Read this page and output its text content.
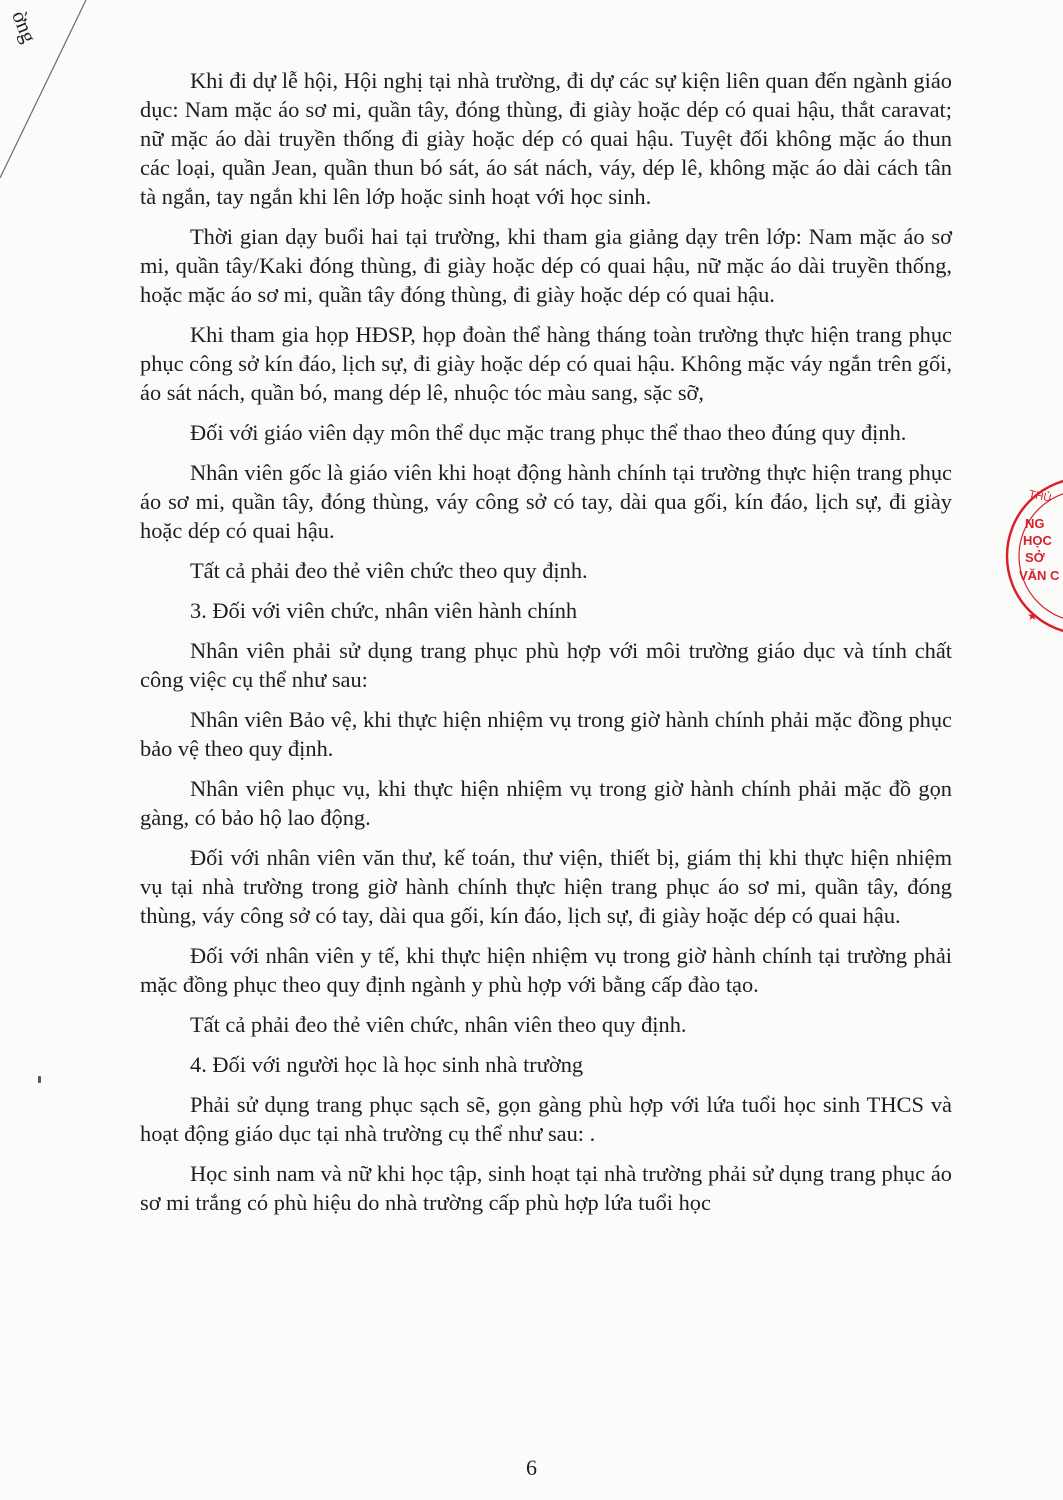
ờng

Khi đi dự lễ hội, Hội nghị tại nhà trường, đi dự các sự kiện liên quan đến ngành giáo dục: Nam mặc áo sơ mi, quần tây, đóng thùng, đi giày hoặc dép có quai hậu, thắt caravat; nữ mặc áo dài truyền thống đi giày hoặc dép có quai hậu. Tuyệt đối không mặc áo thun các loại, quần Jean, quần thun bó sát, áo sát nách, váy, dép lê, không mặc áo dài cách tân tà ngắn, tay ngắn khi lên lớp hoặc sinh hoạt với học sinh.

Thời gian dạy buổi hai tại trường, khi tham gia giảng dạy trên lớp: Nam mặc áo sơ mi, quần tây/Kaki đóng thùng, đi giày hoặc dép có quai hậu, nữ mặc áo dài truyền thống, hoặc mặc áo sơ mi, quần tây đóng thùng, đi giày hoặc dép có quai hậu.

Khi tham gia họp HĐSP, họp đoàn thể hàng tháng toàn trường thực hiện trang phục phục công sở kín đáo, lịch sự, đi giày hoặc dép có quai hậu. Không mặc váy ngắn trên gối, áo sát nách, quần bó, mang dép lê, nhuộc tóc màu sang, sặc sỡ,

Đối với giáo viên dạy môn thể dục mặc trang phục thể thao theo đúng quy định.

Nhân viên gốc là giáo viên khi hoạt động hành chính tại trường thực hiện trang phục áo sơ mi, quần tây, đóng thùng, váy công sở có tay, dài qua gối, kín đáo, lịch sự, đi giày hoặc dép có quai hậu.

Tất cả phải đeo thẻ viên chức theo quy định.

3. Đối với viên chức, nhân viên hành chính

Nhân viên phải sử dụng trang phục phù hợp với môi trường giáo dục và tính chất công việc cụ thể như sau:

Nhân viên Bảo vệ, khi thực hiện nhiệm vụ trong giờ hành chính phải mặc đồng phục bảo vệ theo quy định.

Nhân viên phục vụ, khi thực hiện nhiệm vụ trong giờ hành chính phải mặc đồ gọn gàng, có bảo hộ lao động.

Đối với nhân viên văn thư, kế toán, thư viện, thiết bị, giám thị khi thực hiện nhiệm vụ tại nhà trường trong giờ hành chính thực hiện trang phục áo sơ mi, quần tây, đóng thùng, váy công sở có tay, dài qua gối, kín đáo, lịch sự, đi giày hoặc dép có quai hậu.

Đối với nhân viên y tế, khi thực hiện nhiệm vụ trong giờ hành chính tại trường phải mặc đồng phục theo quy định ngành y phù hợp với bằng cấp đào tạo.

Tất cả phải đeo thẻ viên chức, nhân viên theo quy định.

4. Đối với người học là học sinh nhà trường

Phải sử dụng trang phục sạch sẽ, gọn gàng phù hợp với lứa tuổi học sinh THCS và hoạt động giáo dục tại nhà trường cụ thể như sau: .

Học sinh nam và nữ khi học tập, sinh hoạt tại nhà trường phải sử dụng trang phục áo sơ mi trắng có phù hiệu do nhà trường cấp phù hợp lứa tuổi học

THỦ
NG
HỌC
SỞ
VĂN C
★
6
